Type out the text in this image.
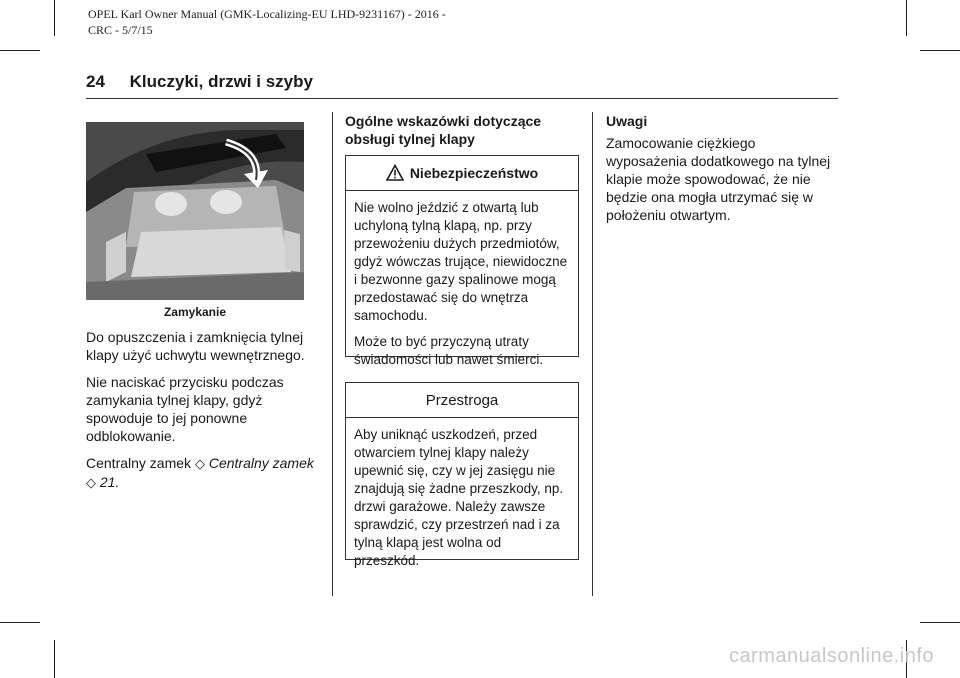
OPEL Karl Owner Manual (GMK-Localizing-EU LHD-9231167) - 2016 -
CRC - 5/7/15
24 Kluczyki, drzwi i szyby
Zamykanie

Do opuszczenia i zamknięcia tylnej klapy użyć uchwytu wewnętrznego.

Nie naciskać przycisku podczas zamykania tylnej klapy, gdyż spowoduje to jej ponowne odblokowanie.

Centralny zamek ◇ Centralny zamek
◇ 21.

Ogólne wskazówki dotyczące obsługi tylnej klapy
Niebezpieczeństwo

Nie wolno jeździć z otwartą lub uchyloną tylną klapą, np. przy przewożeniu dużych przedmiotów, gdyż wówczas trujące, niewidoczne i bezwonne gazy spalinowe mogą przedostawać się do wnętrza samochodu.

Może to być przyczyną utraty świadomości lub nawet śmierci.

Przestroga

Aby uniknąć uszkodzeń, przed otwarciem tylnej klapy należy upewnić się, czy w jej zasięgu nie znajdują się żadne przeszkody, np. drzwi garażowe. Należy zawsze sprawdzić, czy przestrzeń nad i za tylną klapą jest wolna od przeszkód.

Uwagi

Zamocowanie ciężkiego wyposażenia dodatkowego na tylnej klapie może spowodować, że nie będzie ona mogła utrzymać się w położeniu otwartym.

carmanualsonline.info
